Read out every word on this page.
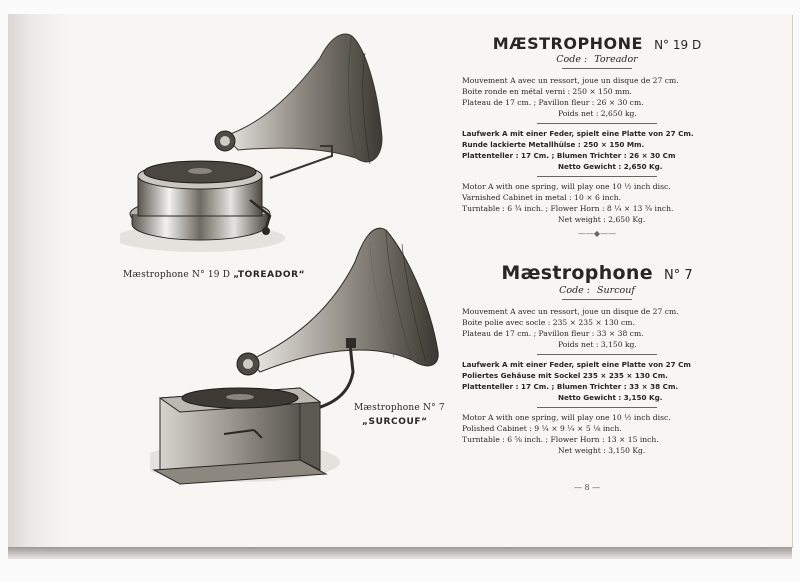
Mæstrophone N° 19 D „TOREADOR“
Mæstrophone N° 7
„SURCOUF“
MÆSTROPHONE N° 19 D
Code : Toreador

Mouvement A avec un ressort, joue un disque de 27 cm.

Boite ronde en métal verni : 250 × 150 mm.

Plateau de 17 cm. ; Pavillon fleur : 26 × 30 cm.

Poids net : 2,650 kg.

Laufwerk A mit einer Feder, spielt eine Platte von 27 Cm.

Runde lackierte Metallhülse : 250 × 150 Mm.

Plattenteller : 17 Cm. ; Blumen Trichter : 26 × 30 Cm

Netto Gewicht : 2,650 Kg.

Motor A with one spring, will play one 10 ½ inch disc.

Varnished Cabinet in metal : 10 × 6 inch.

Turntable : 6 ¾ inch. ; Flower Horn : 8 ¼ × 13 ¾ inch.

Net weight : 2,650 Kg.

——◆——
Mæstrophone N° 7
Code : Surcouf

Mouvement A avec un ressort, joue un disque de 27 cm.

Boite polie avec socle : 235 × 235 × 130 cm.

Plateau de 17 cm. ; Pavillon fleur : 33 × 38 cm.

Poids net : 3,150 kg.

Laufwerk A mit einer Feder, spielt eine Platte von 27 Cm

Poliertes Gehäuse mit Sockel 235 × 235 × 130 Cm.

Plattenteller : 17 Cm. ; Blumen Trichter : 33 × 38 Cm.

Netto Gewicht : 3,150 Kg.

Motor A with one spring, will play one 10 ½ inch disc.

Polished Cabinet : 9 ¼ × 9 ¼ × 5 ⅛ inch.

Turntable : 6 ⅝ inch. ; Flower Horn : 13 × 15 inch.

Net weight : 3,150 Kg.

— 8 —
